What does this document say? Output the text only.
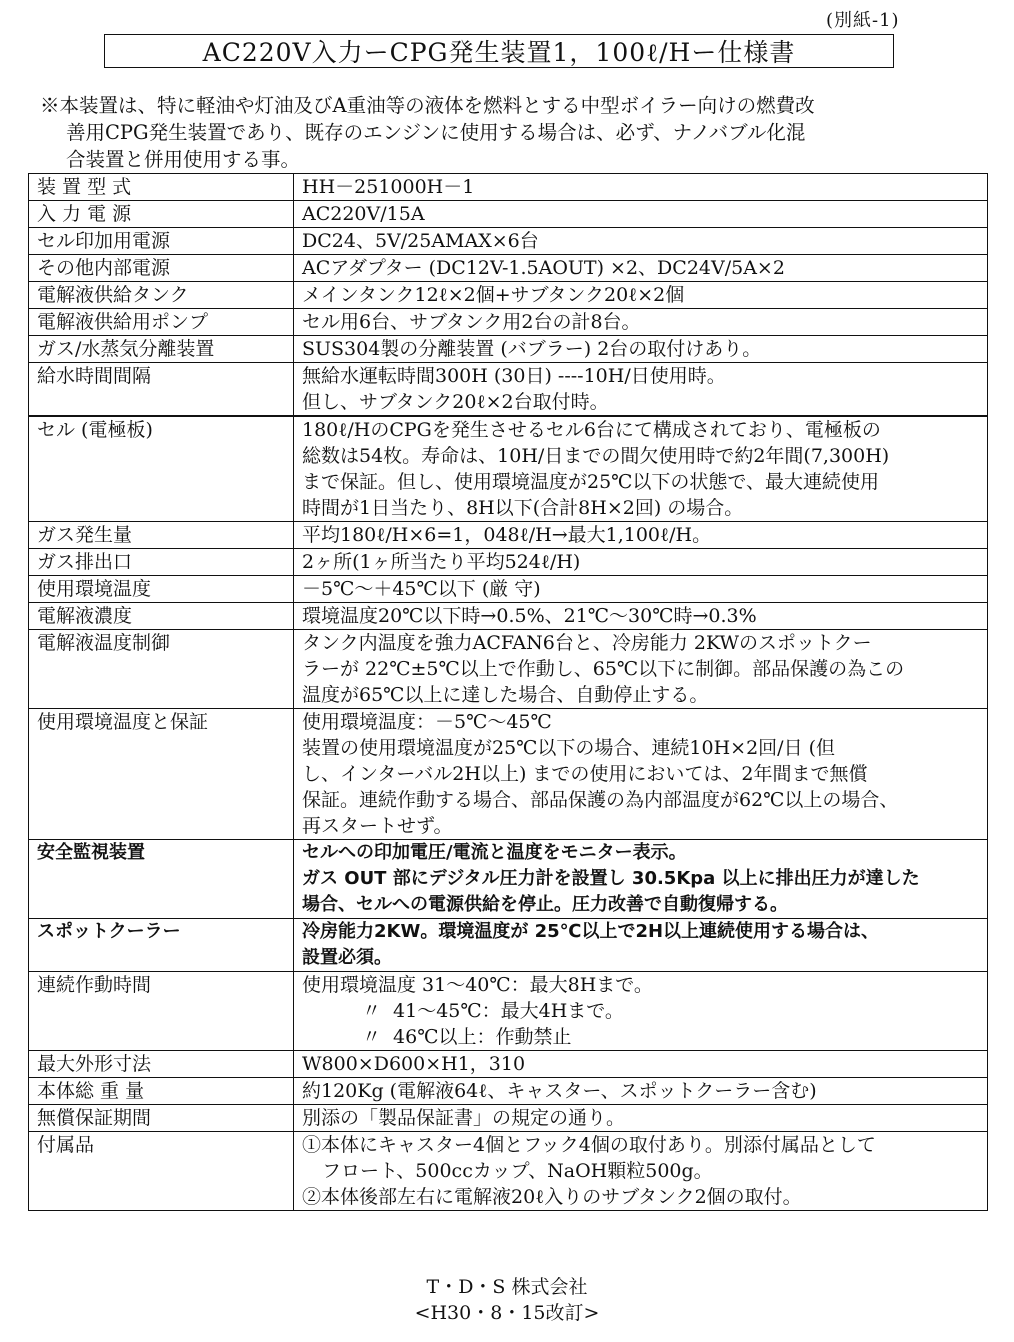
(別紙-1)
AC220V入力ーCPG発生装置1，100ℓ/Hー仕様書

※本装置は、特に軽油や灯油及びA重油等の液体を燃料とする中型ボイラー向けの燃費改

善用CPG発生装置であり、既存のエンジンに使用する場合は、必ず、ナノバブル化混

合装置と併用使用する事。

装 置 型 式	HH－251000H－1

入 力 電 源	AC220V/15A

セル印加用電源	DC24、5V/25AMAX×6台

その他内部電源	ACアダプター (DC12V-1.5AOUT) ×2、DC24V/5A×2

電解液供給タンク	メインタンク12ℓ×2個+サブタンク20ℓ×2個

電解液供給用ポンプ	セル用6台、サブタンク用2台の計8台。

ガス/水蒸気分離装置	SUS304製の分離装置 (バブラー) 2台の取付けあり。

給水時間間隔	無給水運転時間300H (30日) ----10H/日使用時。
但し、サブタンク20ℓ×2台取付時。

セル (電極板)	180ℓ/HのCPGを発生させるセル6台にて構成されており、電極板の
総数は54枚。寿命は、10H/日までの間欠使用時で約2年間(7,300H)
まで保証。但し、使用環境温度が25℃以下の状態で、最大連続使用
時間が1日当たり、8H以下(合計8H×2回) の場合。

ガス発生量	平均180ℓ/H×6=1，048ℓ/H→最大1,100ℓ/H。

ガス排出口	2ヶ所(1ヶ所当たり平均524ℓ/H)

使用環境温度	－5℃～＋45℃以下 (厳 守)

電解液濃度	環境温度20℃以下時→0.5%、21℃～30℃時→0.3%

電解液温度制御	タンク内温度を強力ACFAN6台と、冷房能力 2KWのスポットクー
ラーが 22℃±5℃以上で作動し、65℃以下に制御。部品保護の為この
温度が65℃以上に達した場合、自動停止する。

使用環境温度と保証	使用環境温度：－5℃～45℃
装置の使用環境温度が25℃以下の場合、連続10H×2回/日 (但
し、インターバル2H以上) までの使用においては、2年間まで無償
保証。連続作動する場合、部品保護の為内部温度が62℃以上の場合、
再スタートせず。

安全監視装置	セルへの印加電圧/電流と温度をモニター表示。
ガス OUT 部にデジタル圧力計を設置し 30.5Kpa 以上に排出圧力が達した
場合、セルへの電源供給を停止。圧力改善で自動復帰する。

スポットクーラー	冷房能力2KW。環境温度が 25℃以上で2H以上連続使用する場合は、
設置必須。

連続作動時間	使用環境温度 31～40℃：最大8Hまで。
〃 41～45℃：最大4Hまで。
〃 46℃以上：作動禁止

最大外形寸法	W800×D600×H1，310

本体総 重 量	約120Kg (電解液64ℓ、キャスター、スポットクーラー含む)

無償保証期間	別添の「製品保証書」の規定の通り。

付属品	①本体にキャスター4個とフック4個の取付あり。別添付属品として
フロート、500ccカップ、NaOH顆粒500g。
②本体後部左右に電解液20ℓ入りのサブタンク2個の取付。
T・D・S 株式会社
<H30・8・15改訂>
